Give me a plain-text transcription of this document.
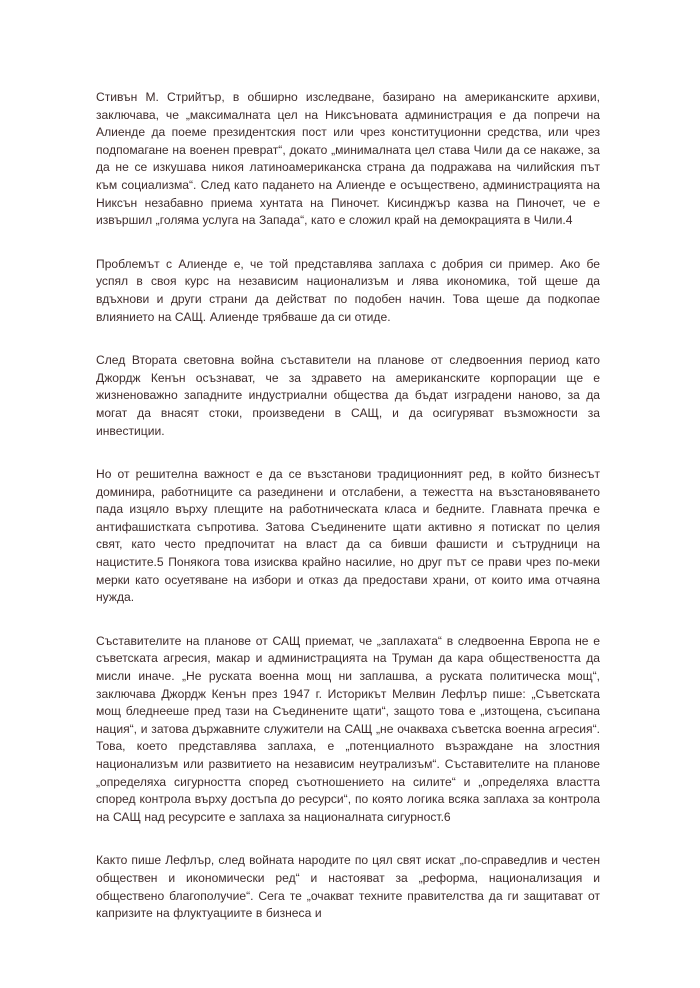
Стивън М. Стрийтър, в обширно изследване, базирано на американските архиви, заключава, че „максималната цел на Никсъновата администрация е да попречи на Алиенде да поеме президентския пост или чрез конституционни средства, или чрез подпомагане на военен преврат“, докато „минималната цел става Чили да се накаже, за да не се изкушава никоя латиноамериканска страна да подражава на чилийския път към социализма“. След като падането на Алиенде е осъществено, администрацията на Никсън незабавно приема хунтата на Пиночет. Кисинджър казва на Пиночет, че е извършил „голяма услуга на Запада“, като е сложил край на демокрацията в Чили.4

Проблемът с Алиенде е, че той представлява заплаха с добрия си пример. Ако бе успял в своя курс на независим национализъм и лява икономика, той щеше да вдъхнови и други страни да действат по подобен начин. Това щеше да подкопае влиянието на САЩ. Алиенде трябваше да си отиде.

След Втората световна война съставители на планове от следвоенния период като Джордж Кенън осъзнават, че за здравето на американските корпорации ще е жизненоважно западните индустриални общества да бъдат изградени наново, за да могат да внасят стоки, произведени в САЩ, и да осигуряват възможности за инвестиции.

Но от решителна важност е да се възстанови традиционният ред, в който бизнесът доминира, работниците са разединени и отслабени, а тежестта на възстановяването пада изцяло върху плещите на работническата класа и бедните. Главната пречка е антифашистката съпротива. Затова Съединените щати активно я потискат по целия свят, като често предпочитат на власт да са бивши фашисти и сътрудници на нацистите.5 Понякога това изисква крайно насилие, но друг път се прави чрез по-меки мерки като осуетяване на избори и отказ да предостави храни, от които има отчаяна нужда.

Съставителите на планове от САЩ приемат, че „заплахата“ в следвоенна Европа не е съветската агресия, макар и администрацията на Труман да кара обществеността да мисли иначе. „Не руската военна мощ ни заплашва, а руската политическа мощ“, заключава Джордж Кенън през 1947 г. Историкът Мелвин Лефлър пише: „Съветската мощ бледнееше пред тази на Съединените щати“, защото това е „изтощена, съсипана нация“, и затова държавните служители на САЩ „не очакваха съветска военна агресия“. Това, което представлява заплаха, е „потенциалното възраждане на злостния национализъм или развитието на независим неутрализъм“. Съставителите на планове „определяха сигурността според съотношението на силите“ и „определяха властта според контрола върху достъпа до ресурси“, по която логика всяка заплаха за контрола на САЩ над ресурсите е заплаха за националната сигурност.6

Както пише Лефлър, след войната народите по цял свят искат „по-справедлив и честен обществен и икономически ред“ и настояват за „реформа, национализация и обществено благополучие“. Сега те „очакват техните правителства да ги защитават от капризите на флуктуациите в бизнеса и
